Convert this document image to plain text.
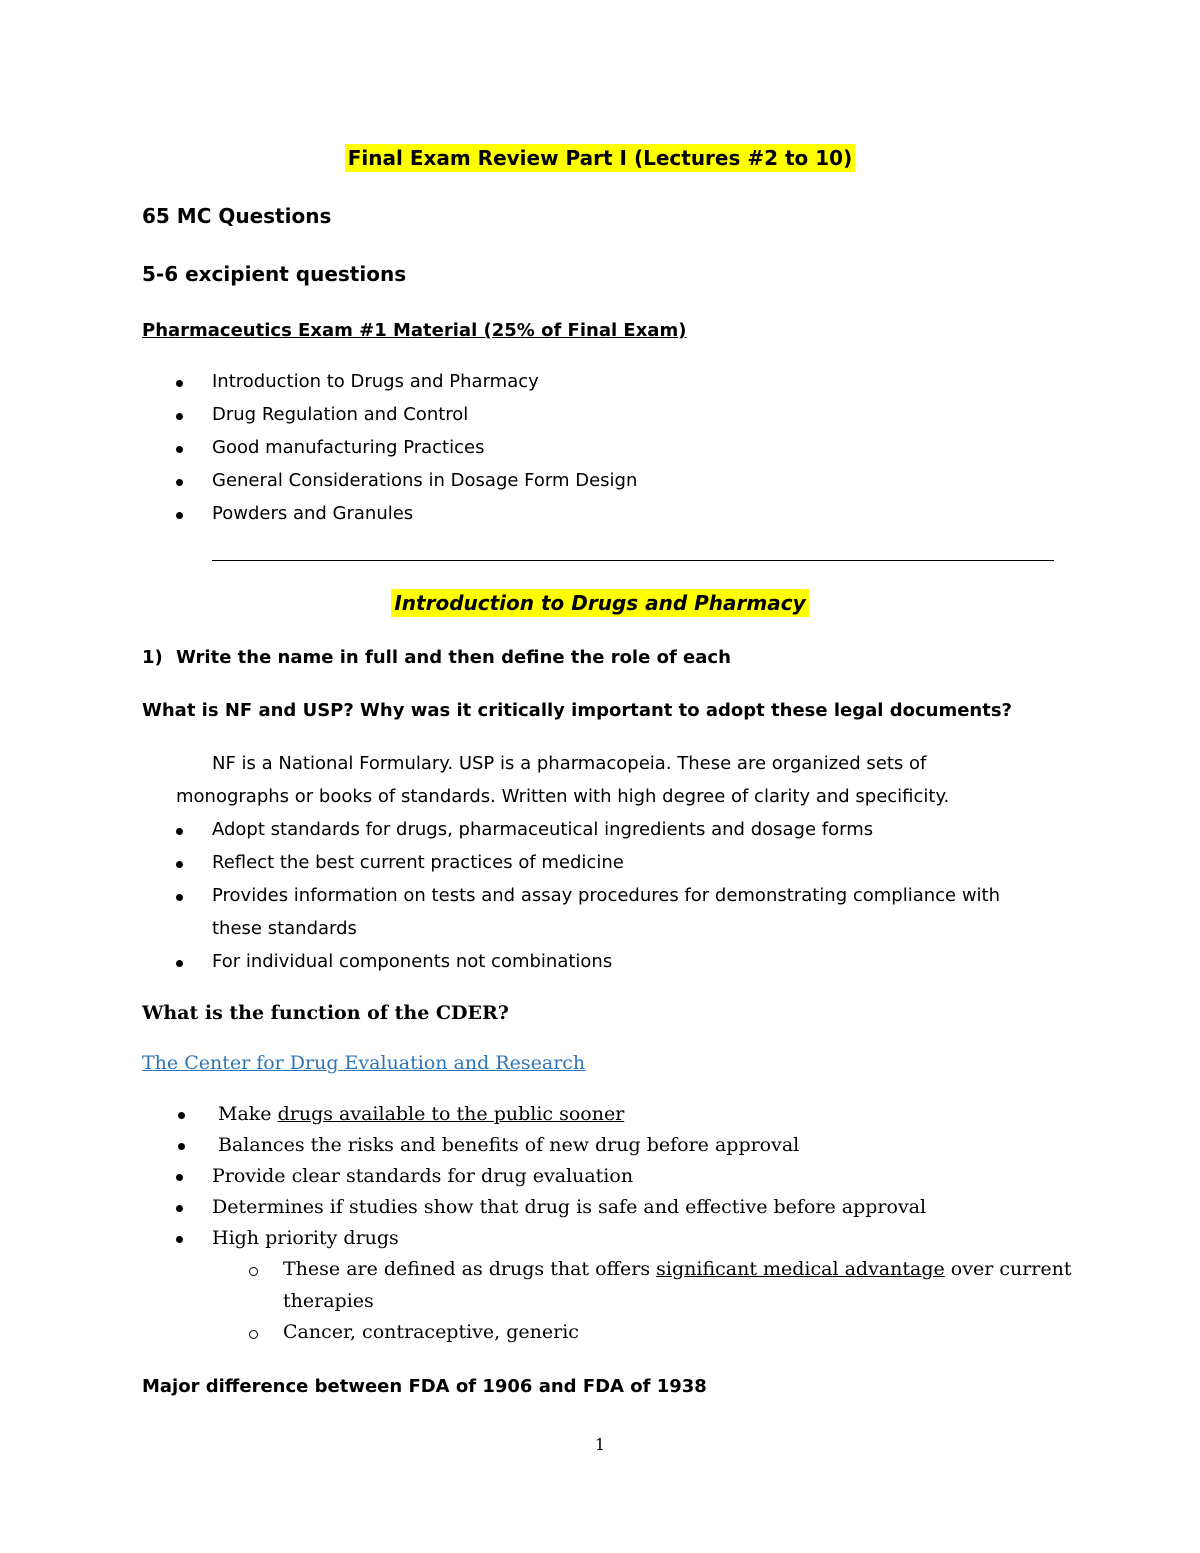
Final Exam Review Part I (Lectures #2 to 10)
65 MC Questions
5-6 excipient questions
Pharmaceutics Exam #1 Material (25% of Final Exam)
Introduction to Drugs and Pharmacy
Drug Regulation and Control
Good manufacturing Practices
General Considerations in Dosage Form Design
Powders and Granules
Introduction to Drugs and Pharmacy
1) Write the name in full and then define the role of each
What is NF and USP? Why was it critically important to adopt these legal documents?
NF is a National Formulary. USP is a pharmacopeia. These are organized sets of
monographs or books of standards. Written with high degree of clarity and specificity.
Adopt standards for drugs, pharmaceutical ingredients and dosage forms
Reflect the best current practices of medicine
Provides information on tests and assay procedures for demonstrating compliance with
these standards
For individual components not combinations
What is the function of the CDER?
The Center for Drug Evaluation and Research
Make drugs available to the public sooner
Balances the risks and benefits of new drug before approval
Provide clear standards for drug evaluation
Determines if studies show that drug is safe and effective before approval
High priority drugs
These are defined as drugs that offers significant medical advantage over current
therapies
Cancer, contraceptive, generic
Major difference between FDA of 1906 and FDA of 1938
1
